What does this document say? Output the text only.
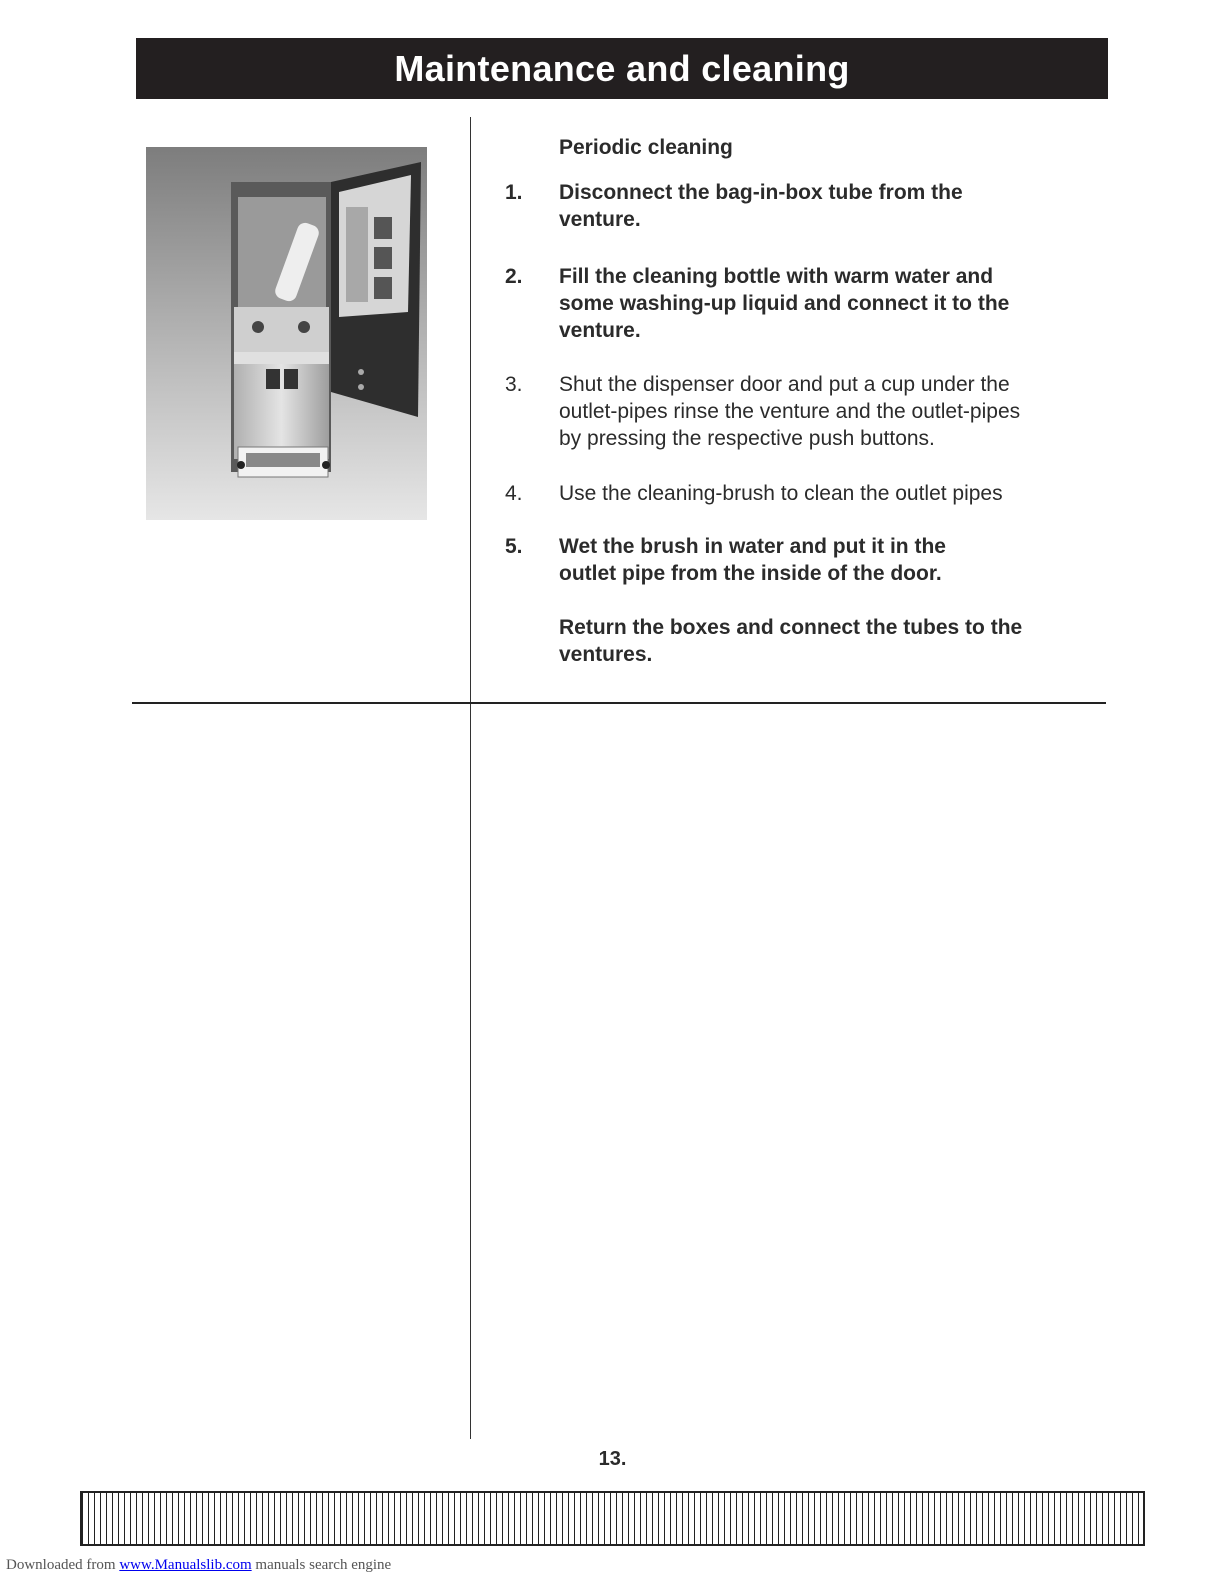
Maintenance and cleaning
Periodic cleaning
1.	Disconnect the bag-in-box tube from the venture.
2.	Fill the cleaning bottle with warm water and some washing-up liquid and connect it to the venture.
3.	Shut the dispenser door and put a cup under the outlet-pipes rinse the venture and the outlet-pipes by pressing the respective push buttons.
4.	Use the cleaning-brush to clean the outlet pipes
5.	Wet the brush in water and put it in the outlet pipe from the inside of the door.
Return the boxes and connect the tubes to the ventures.
13.
Downloaded from www.Manualslib.com manuals search engine
